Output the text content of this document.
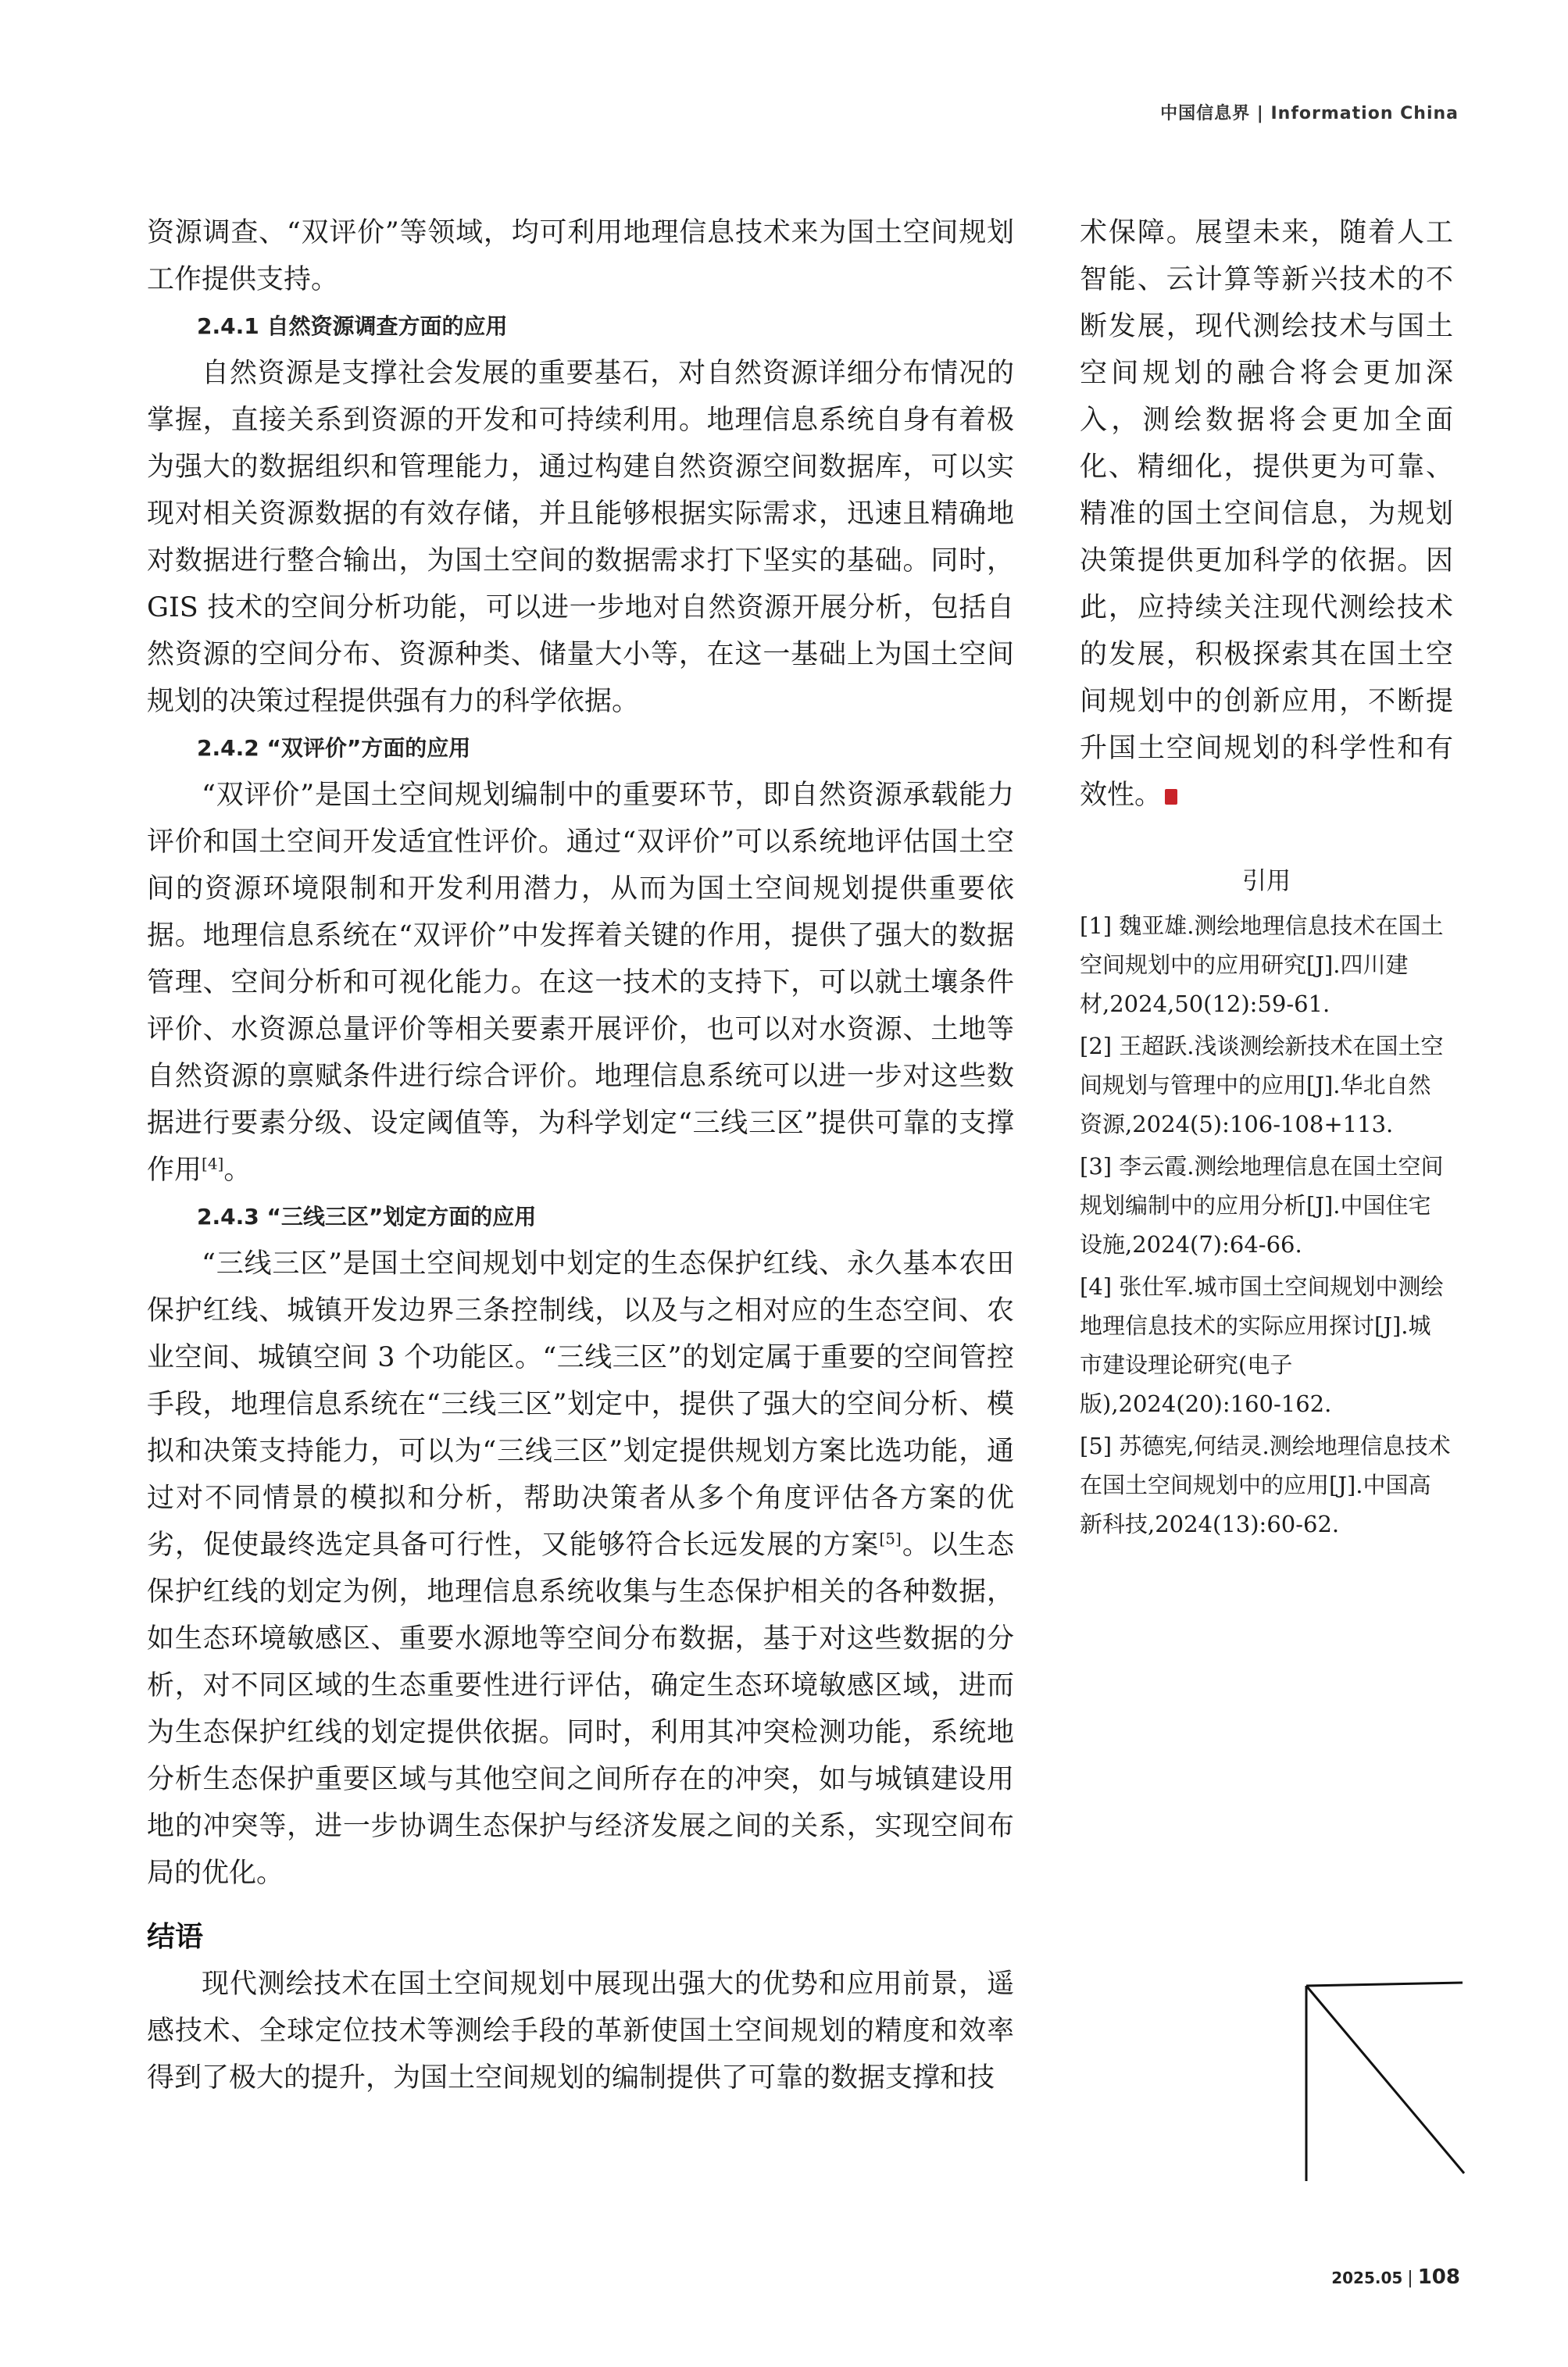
中国信息界 | Information China

资源调查、“双评价”等领域，均可利用地理信息技术来为国土空间规划工作提供支持。

2.4.1 自然资源调查方面的应用

自然资源是支撑社会发展的重要基石，对自然资源详细分布情况的掌握，直接关系到资源的开发和可持续利用。地理信息系统自身有着极为强大的数据组织和管理能力，通过构建自然资源空间数据库，可以实现对相关资源数据的有效存储，并且能够根据实际需求，迅速且精确地对数据进行整合输出，为国土空间的数据需求打下坚实的基础。同时，GIS 技术的空间分析功能，可以进一步地对自然资源开展分析，包括自然资源的空间分布、资源种类、储量大小等，在这一基础上为国土空间规划的决策过程提供强有力的科学依据。

2.4.2 “双评价”方面的应用

“双评价”是国土空间规划编制中的重要环节，即自然资源承载能力评价和国土空间开发适宜性评价。通过“双评价”可以系统地评估国土空间的资源环境限制和开发利用潜力，从而为国土空间规划提供重要依据。地理信息系统在“双评价”中发挥着关键的作用，提供了强大的数据管理、空间分析和可视化能力。在这一技术的支持下，可以就土壤条件评价、水资源总量评价等相关要素开展评价，也可以对水资源、土地等自然资源的禀赋条件进行综合评价。地理信息系统可以进一步对这些数据进行要素分级、设定阈值等，为科学划定“三线三区”提供可靠的支撑作用[4]。

2.4.3 “三线三区”划定方面的应用

“三线三区”是国土空间规划中划定的生态保护红线、永久基本农田保护红线、城镇开发边界三条控制线，以及与之相对应的生态空间、农业空间、城镇空间 3 个功能区。“三线三区”的划定属于重要的空间管控手段，地理信息系统在“三线三区”划定中，提供了强大的空间分析、模拟和决策支持能力，可以为“三线三区”划定提供规划方案比选功能，通过对不同情景的模拟和分析，帮助决策者从多个角度评估各方案的优劣，促使最终选定具备可行性，又能够符合长远发展的方案[5]。以生态保护红线的划定为例，地理信息系统收集与生态保护相关的各种数据，如生态环境敏感区、重要水源地等空间分布数据，基于对这些数据的分析，对不同区域的生态重要性进行评估，确定生态环境敏感区域，进而为生态保护红线的划定提供依据。同时，利用其冲突检测功能，系统地分析生态保护重要区域与其他空间之间所存在的冲突，如与城镇建设用地的冲突等，进一步协调生态保护与经济发展之间的关系，实现空间布局的优化。

结语

现代测绘技术在国土空间规划中展现出强大的优势和应用前景，遥感技术、全球定位技术等测绘手段的革新使国土空间规划的精度和效率得到了极大的提升，为国土空间规划的编制提供了可靠的数据支撑和技

术保障。展望未来，随着人工智能、云计算等新兴技术的不断发展，现代测绘技术与国土空间规划的融合将会更加深入，测绘数据将会更加全面化、精细化，提供更为可靠、精准的国土空间信息，为规划决策提供更加科学的依据。因此，应持续关注现代测绘技术的发展，积极探索其在国土空间规划中的创新应用，不断提升国土空间规划的科学性和有效性。

引用

[1] 魏亚雄.测绘地理信息技术在国土空间规划中的应用研究[J].四川建材,2024,50(12):59-61.

[2] 王超跃.浅谈测绘新技术在国土空间规划与管理中的应用[J].华北自然资源,2024(5):106-108+113.

[3] 李云霞.测绘地理信息在国土空间规划编制中的应用分析[J].中国住宅设施,2024(7):64-66.

[4] 张仕军.城市国土空间规划中测绘地理信息技术的实际应用探讨[J].城市建设理论研究(电子版),2024(20):160-162.

[5] 苏德宪,何结灵.测绘地理信息技术在国土空间规划中的应用[J].中国高新科技,2024(13):60-62.

2025.05 | 108
